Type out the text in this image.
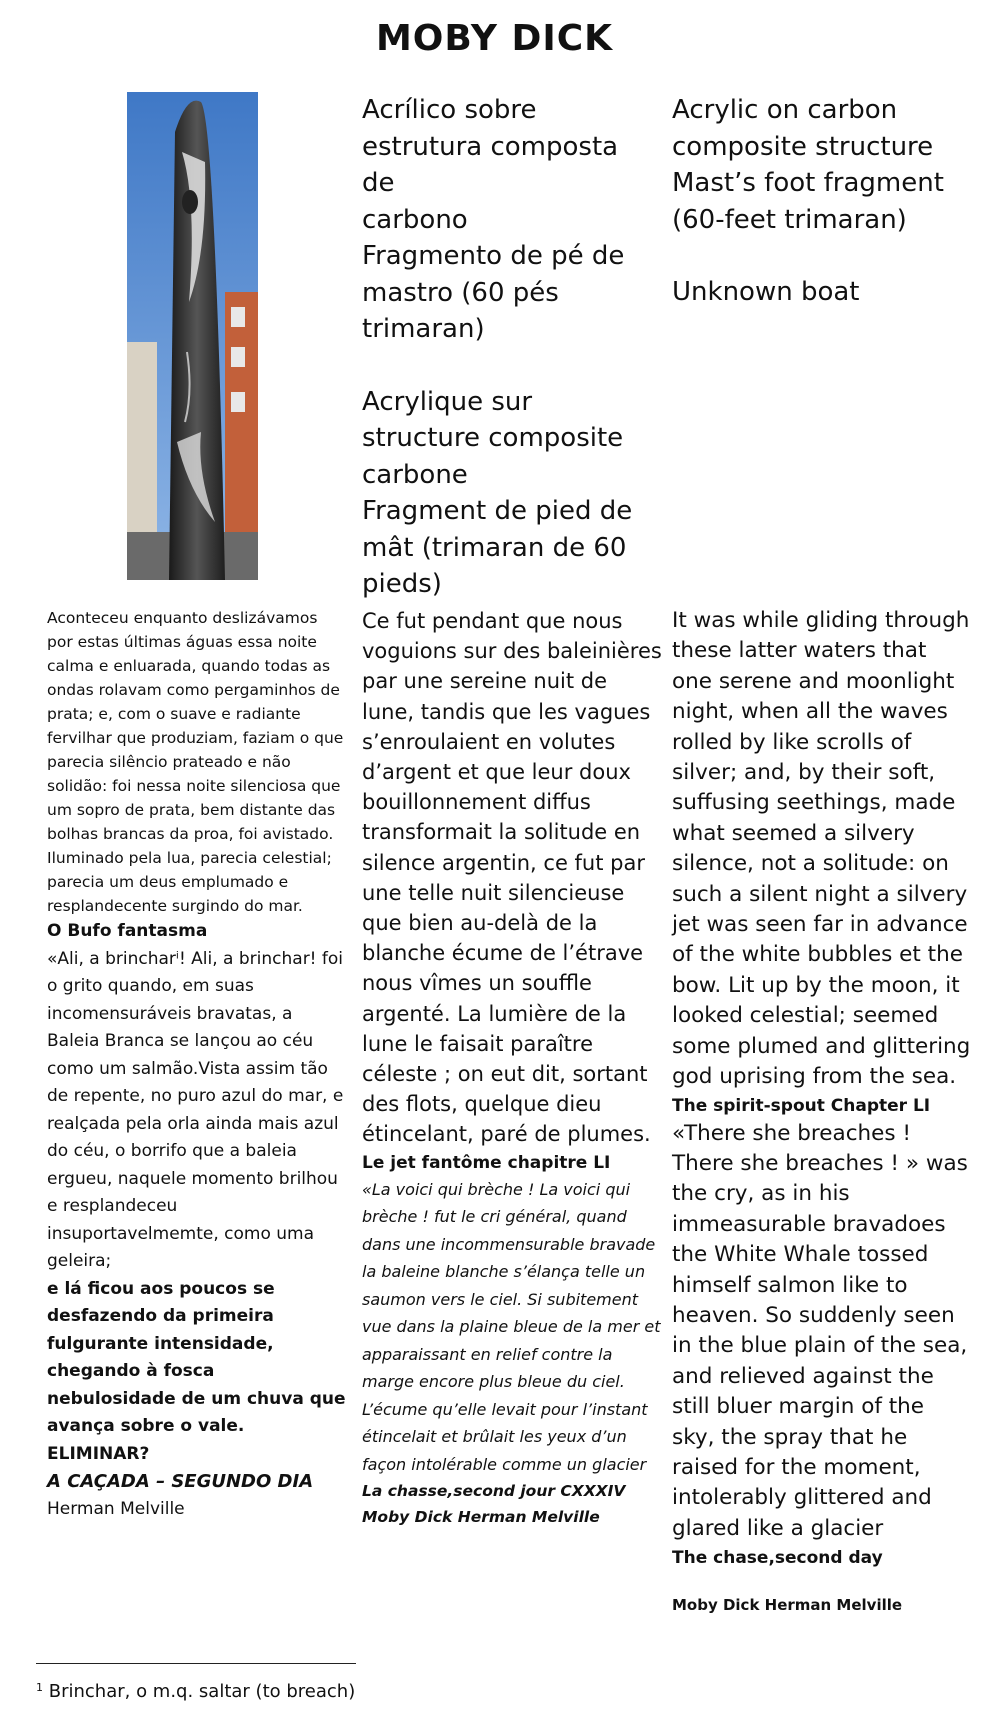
MOBY DICK

Acrílico sobre
estrutura composta de
carbono
Fragmento de pé de
mastro (60 pés
trimaran)

Acrylique sur
structure composite
carbone
Fragment de pied de
mât (trimaran de 60
pieds)

Acrylic on carbon
composite structure
Mast’s foot fragment
(60-feet trimaran)

Unknown boat

Aconteceu enquanto deslizávamos por estas últimas águas essa noite calma e enluarada, quando todas as ondas rolavam como pergaminhos de prata; e, com o suave e radiante fervilhar que produziam, faziam o que parecia silêncio prateado e não solidão: foi nessa noite silenciosa que um sopro de prata, bem distante das bolhas brancas da proa, foi avistado. Iluminado pela lua, parecia celestial; parecia um deus emplumado e resplandecente surgindo do mar.

O Bufo fantasma

«Ali, a brincharⁱ! Ali, a brinchar! foi o grito quando, em suas incomensuráveis bravatas, a Baleia Branca se lançou ao céu como um salmão.Vista assim tão de repente, no puro azul do mar, e realçada pela orla ainda mais azul do céu, o borrifo que a baleia ergueu, naquele momento brilhou e resplandeceu insuportavelmemte, como uma geleira;

e lá ficou aos poucos se desfazendo da primeira fulgurante intensidade, chegando à fosca nebulosidade de um chuva que avança sobre o vale. ELIMINAR?

A CAÇADA – SEGUNDO DIA

Herman Melville

Ce fut pendant que nous voguions sur des baleinières par une sereine nuit de lune, tandis que les vagues s’enroulaient en volutes d’argent et que leur doux bouillonnement diffus transformait la solitude en silence argentin, ce fut par une telle nuit silencieuse que bien au-delà de la blanche écume de l’étrave nous vîmes un souffle argenté. La lumière de la lune le faisait paraître céleste ; on eut dit, sortant des flots, quelque dieu étincelant, paré de plumes.

Le jet fantôme chapitre LI

«La voici qui brèche ! La voici qui brèche ! fut le cri général, quand dans une incommensurable bravade la baleine blanche s’élança telle un saumon vers le ciel. Si subitement vue dans la plaine bleue de la mer et apparaissant en relief contre la marge encore plus bleue du ciel. L’écume qu’elle levait pour l’instant étincelait et brûlait les yeux d’un façon intolérable comme un glacier

La chasse,second jour CXXXIV

Moby Dick Herman Melville

It was while gliding through these latter waters that one serene and moonlight night, when all the waves rolled by like scrolls of silver; and, by their soft, suffusing seethings, made what seemed a silvery silence, not a solitude: on such a silent night a silvery jet was seen far in advance of the white bubbles et the bow. Lit up by the moon, it looked celestial; seemed some plumed and glittering god uprising from the sea.

The spirit-spout Chapter LI

«There she breaches ! There she breaches ! » was the cry, as in his immeasurable bravadoes the White Whale tossed himself salmon like to heaven. So suddenly seen in the blue plain of the sea, and relieved against the still bluer margin of the sky, the spray that he raised for the moment, intolerably glittered and glared like a glacier

The chase,second day

Moby Dick Herman Melville

$^1$ Brinchar, o m.q. saltar (to breach)
